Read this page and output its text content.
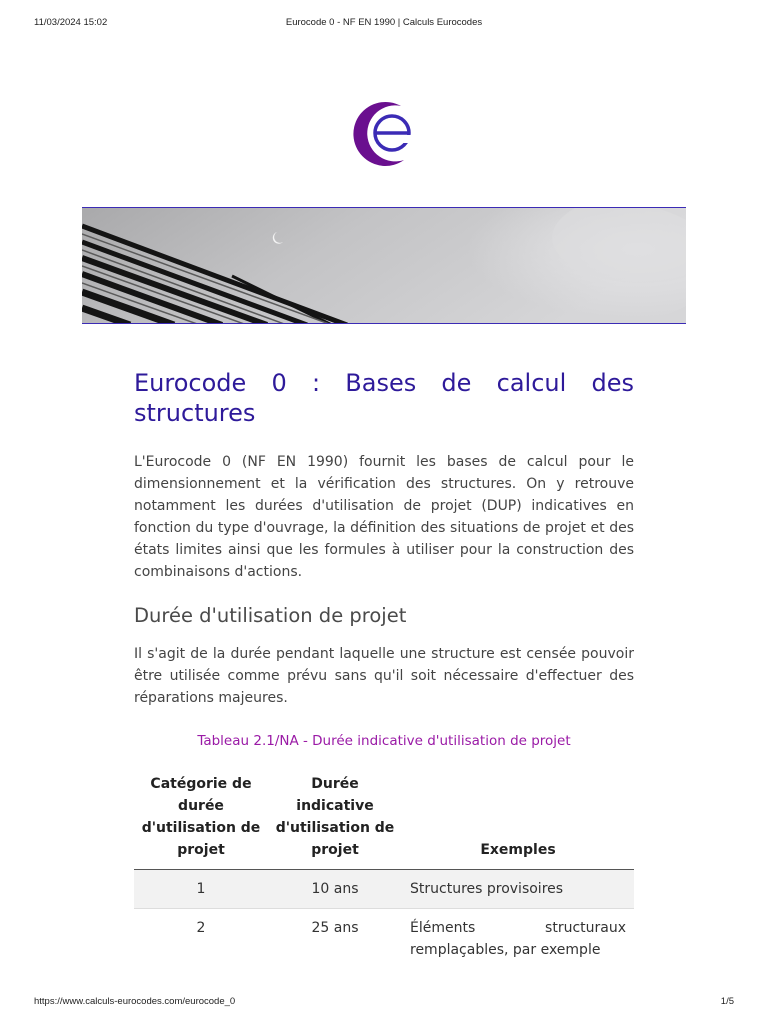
11/03/2024 15:02	Eurocode 0 - NF EN 1990 | Calculs Eurocodes
Eurocode 0 : Bases de calcul des structures

L'Eurocode 0 (NF EN 1990) fournit les bases de calcul pour le dimensionnement et la vérification des structures. On y retrouve notamment les durées d'utilisation de projet (DUP) indicatives en fonction du type d'ouvrage, la définition des situations de projet et des états limites ainsi que les formules à utiliser pour la construction des combinaisons d'actions.

Durée d'utilisation de projet

Il s'agit de la durée pendant laquelle une structure est censée pouvoir être utilisée comme prévu sans qu'il soit nécessaire d'effectuer des réparations majeures.

Tableau 2.1/NA - Durée indicative d'utilisation de projet
Catégorie de durée d'utilisation de projet	Durée indicative d'utilisation de projet	Exemples
1	10 ans	Structures provisoires
2	25 ans	Éléments structuraux remplaçables, par exemple
https://www.calculs-eurocodes.com/eurocode_0	1/5
